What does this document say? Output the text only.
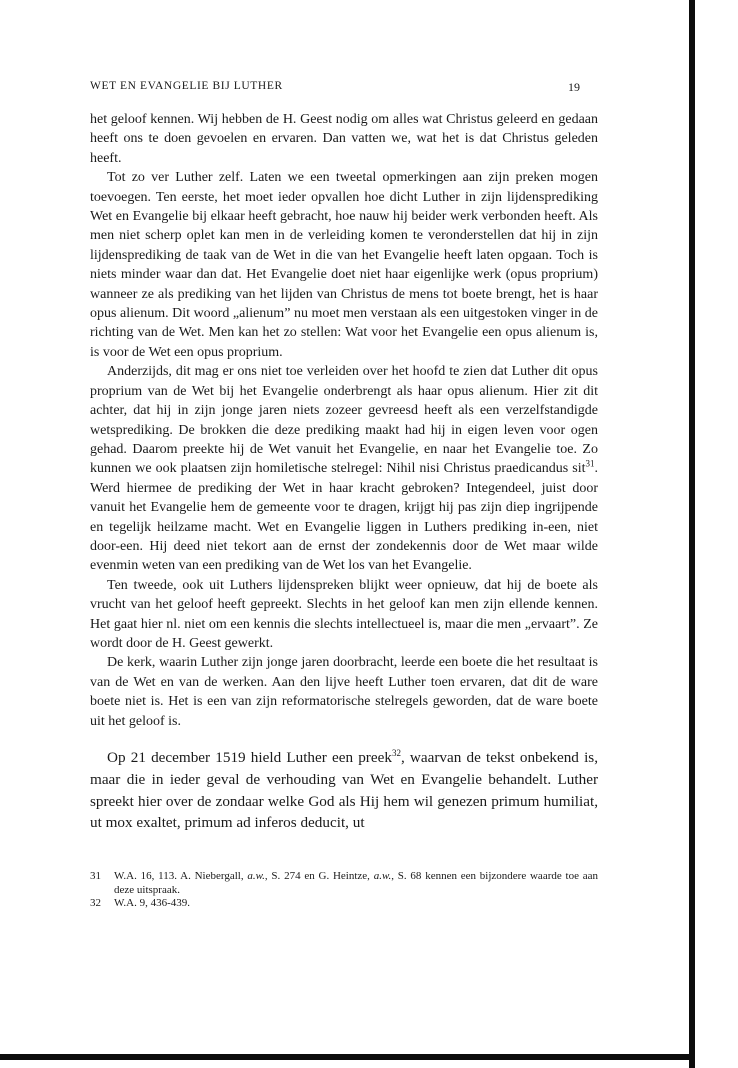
WET EN EVANGELIE BIJ LUTHER	19

het geloof kennen. Wij hebben de H. Geest nodig om alles wat Christus geleerd en gedaan heeft ons te doen gevoelen en ervaren. Dan vatten we, wat het is dat Christus geleden heeft.

Tot zo ver Luther zelf. Laten we een tweetal opmerkingen aan zijn preken mogen toevoegen. Ten eerste, het moet ieder opvallen hoe dicht Luther in zijn lijdensprediking Wet en Evangelie bij elkaar heeft gebracht, hoe nauw hij beider werk verbonden heeft. Als men niet scherp oplet kan men in de verleiding komen te veronderstellen dat hij in zijn lijdensprediking de taak van de Wet in die van het Evangelie heeft laten opgaan. Toch is niets minder waar dan dat. Het Evangelie doet niet haar eigenlijke werk (opus proprium) wanneer ze als prediking van het lijden van Christus de mens tot boete brengt, het is haar opus alienum. Dit woord „alienum” nu moet men verstaan als een uitgestoken vinger in de richting van de Wet. Men kan het zo stellen: Wat voor het Evangelie een opus alienum is, is voor de Wet een opus proprium.

Anderzijds, dit mag er ons niet toe verleiden over het hoofd te zien dat Luther dit opus proprium van de Wet bij het Evangelie onderbrengt als haar opus alienum. Hier zit dit achter, dat hij in zijn jonge jaren niets zozeer gevreesd heeft als een verzelfstandigde wetsprediking. De brokken die deze prediking maakt had hij in eigen leven voor ogen gehad. Daarom preekte hij de Wet vanuit het Evangelie, en naar het Evangelie toe. Zo kunnen we ook plaatsen zijn homiletische stelregel: Nihil nisi Christus praedicandus sit$^{31}$. Werd hiermee de prediking der Wet in haar kracht gebroken? Integendeel, juist door vanuit het Evangelie hem de gemeente voor te dragen, krijgt hij pas zijn diep ingrijpende en tegelijk heilzame macht. Wet en Evangelie liggen in Luthers prediking in-een, niet door-een. Hij deed niet tekort aan de ernst der zondekennis door de Wet maar wilde evenmin weten van een prediking van de Wet los van het Evangelie.

Ten tweede, ook uit Luthers lijdenspreken blijkt weer opnieuw, dat hij de boete als vrucht van het geloof heeft gepreekt. Slechts in het geloof kan men zijn ellende kennen. Het gaat hier nl. niet om een kennis die slechts intellectueel is, maar die men „ervaart”. Ze wordt door de H. Geest gewerkt.

De kerk, waarin Luther zijn jonge jaren doorbracht, leerde een boete die het resultaat is van de Wet en van de werken. Aan den lijve heeft Luther toen ervaren, dat dit de ware boete niet is. Het is een van zijn reformatorische stelregels geworden, dat de ware boete uit het geloof is.

Op 21 december 1519 hield Luther een preek$^{32}$, waarvan de tekst onbekend is, maar die in ieder geval de verhouding van Wet en Evangelie behandelt. Luther spreekt hier over de zondaar welke God als Hij hem wil genezen primum humiliat, ut mox exaltet, primum ad inferos deducit, ut

31	W.A. 16, 113. A. Niebergall, a.w., S. 274 en G. Heintze, a.w., S. 68 kennen een bijzondere waarde toe aan deze uitspraak.
32	W.A. 9, 436-439.
